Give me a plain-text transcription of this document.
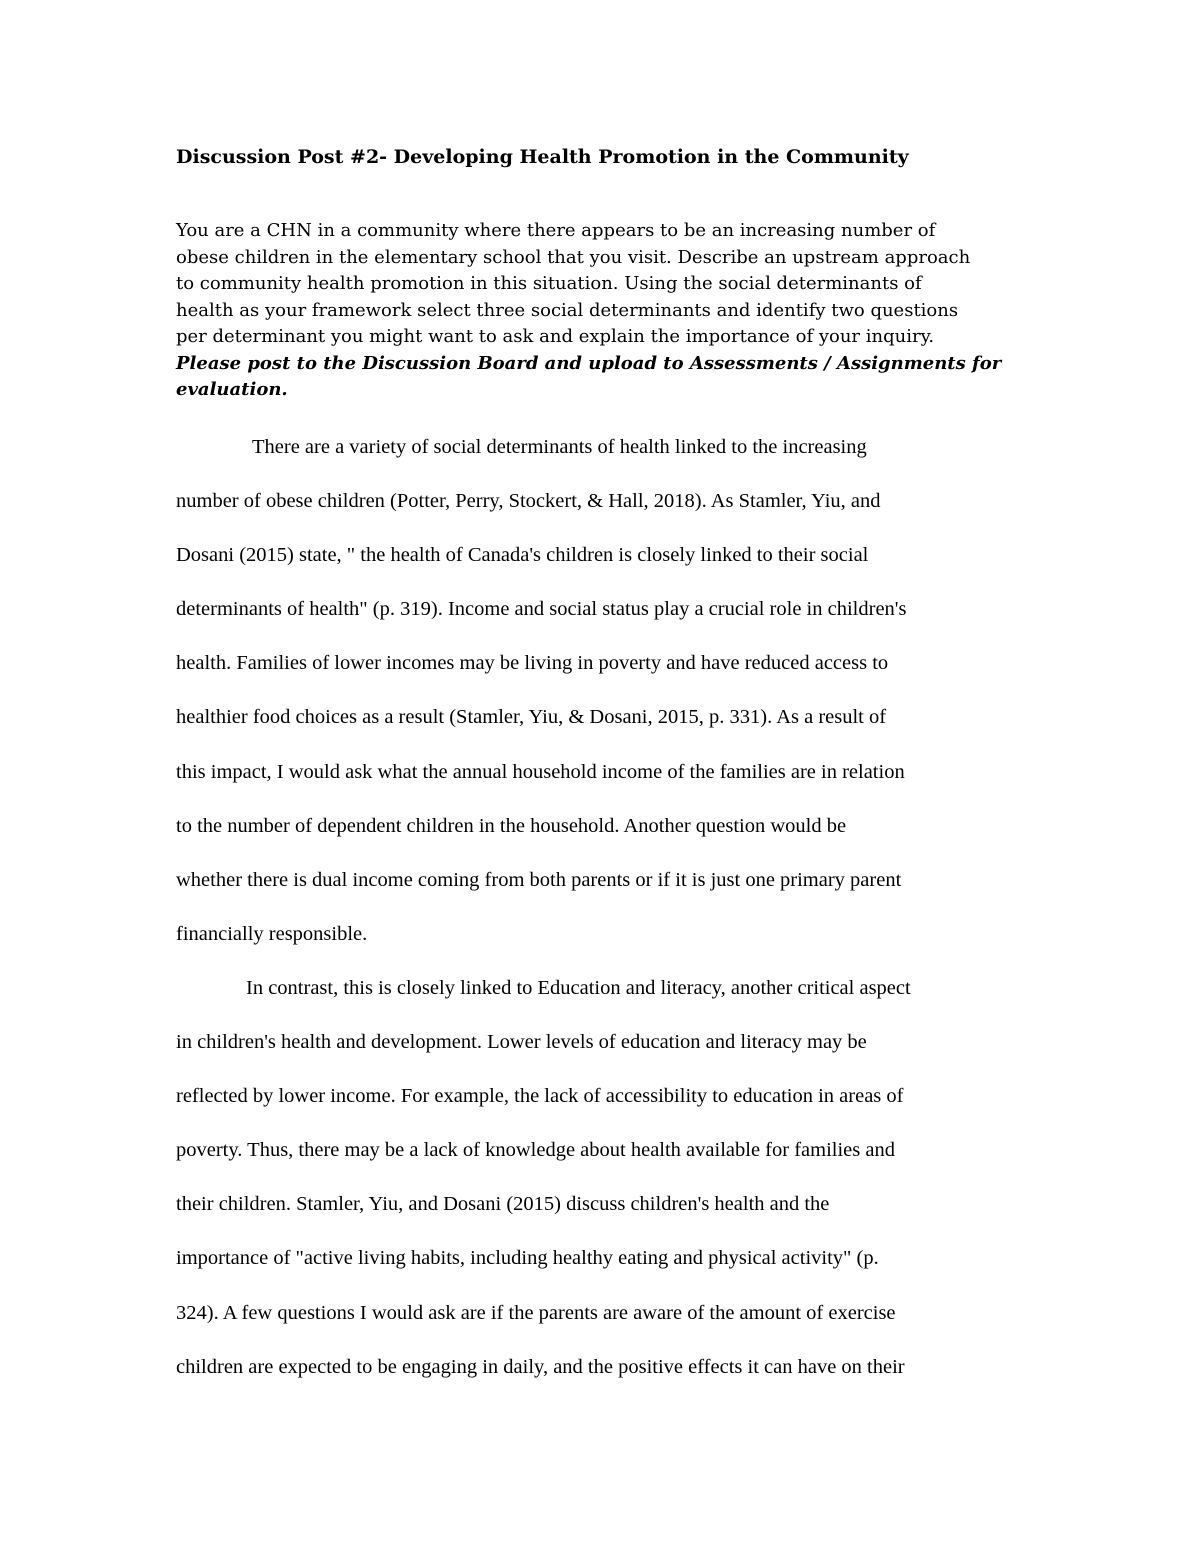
Discussion Post #2- Developing Health Promotion in the Community
You are a CHN in a community where there appears to be an increasing number of
obese children in the elementary school that you visit. Describe an upstream approach
to community health promotion in this situation. Using the social determinants of
health as your framework select three social determinants and identify two questions
per determinant you might want to ask and explain the importance of your inquiry.
Please post to the Discussion Board and upload to Assessments / Assignments for
evaluation.
There are a variety of social determinants of health linked to the increasing
number of obese children (Potter, Perry, Stockert, & Hall, 2018). As Stamler, Yiu, and
Dosani (2015) state, " the health of Canada's children is closely linked to their social
determinants of health" (p. 319). Income and social status play a crucial role in children's
health. Families of lower incomes may be living in poverty and have reduced access to
healthier food choices as a result (Stamler, Yiu, & Dosani, 2015, p. 331). As a result of
this impact, I would ask what the annual household income of the families are in relation
to the number of dependent children in the household. Another question would be
whether there is dual income coming from both parents or if it is just one primary parent
financially responsible.
In contrast, this is closely linked to Education and literacy, another critical aspect
in children's health and development. Lower levels of education and literacy may be
reflected by lower income. For example, the lack of accessibility to education in areas of
poverty. Thus, there may be a lack of knowledge about health available for families and
their children. Stamler, Yiu, and Dosani (2015) discuss children's health and the
importance of "active living habits, including healthy eating and physical activity" (p.
324). A few questions I would ask are if the parents are aware of the amount of exercise
children are expected to be engaging in daily, and the positive effects it can have on their
